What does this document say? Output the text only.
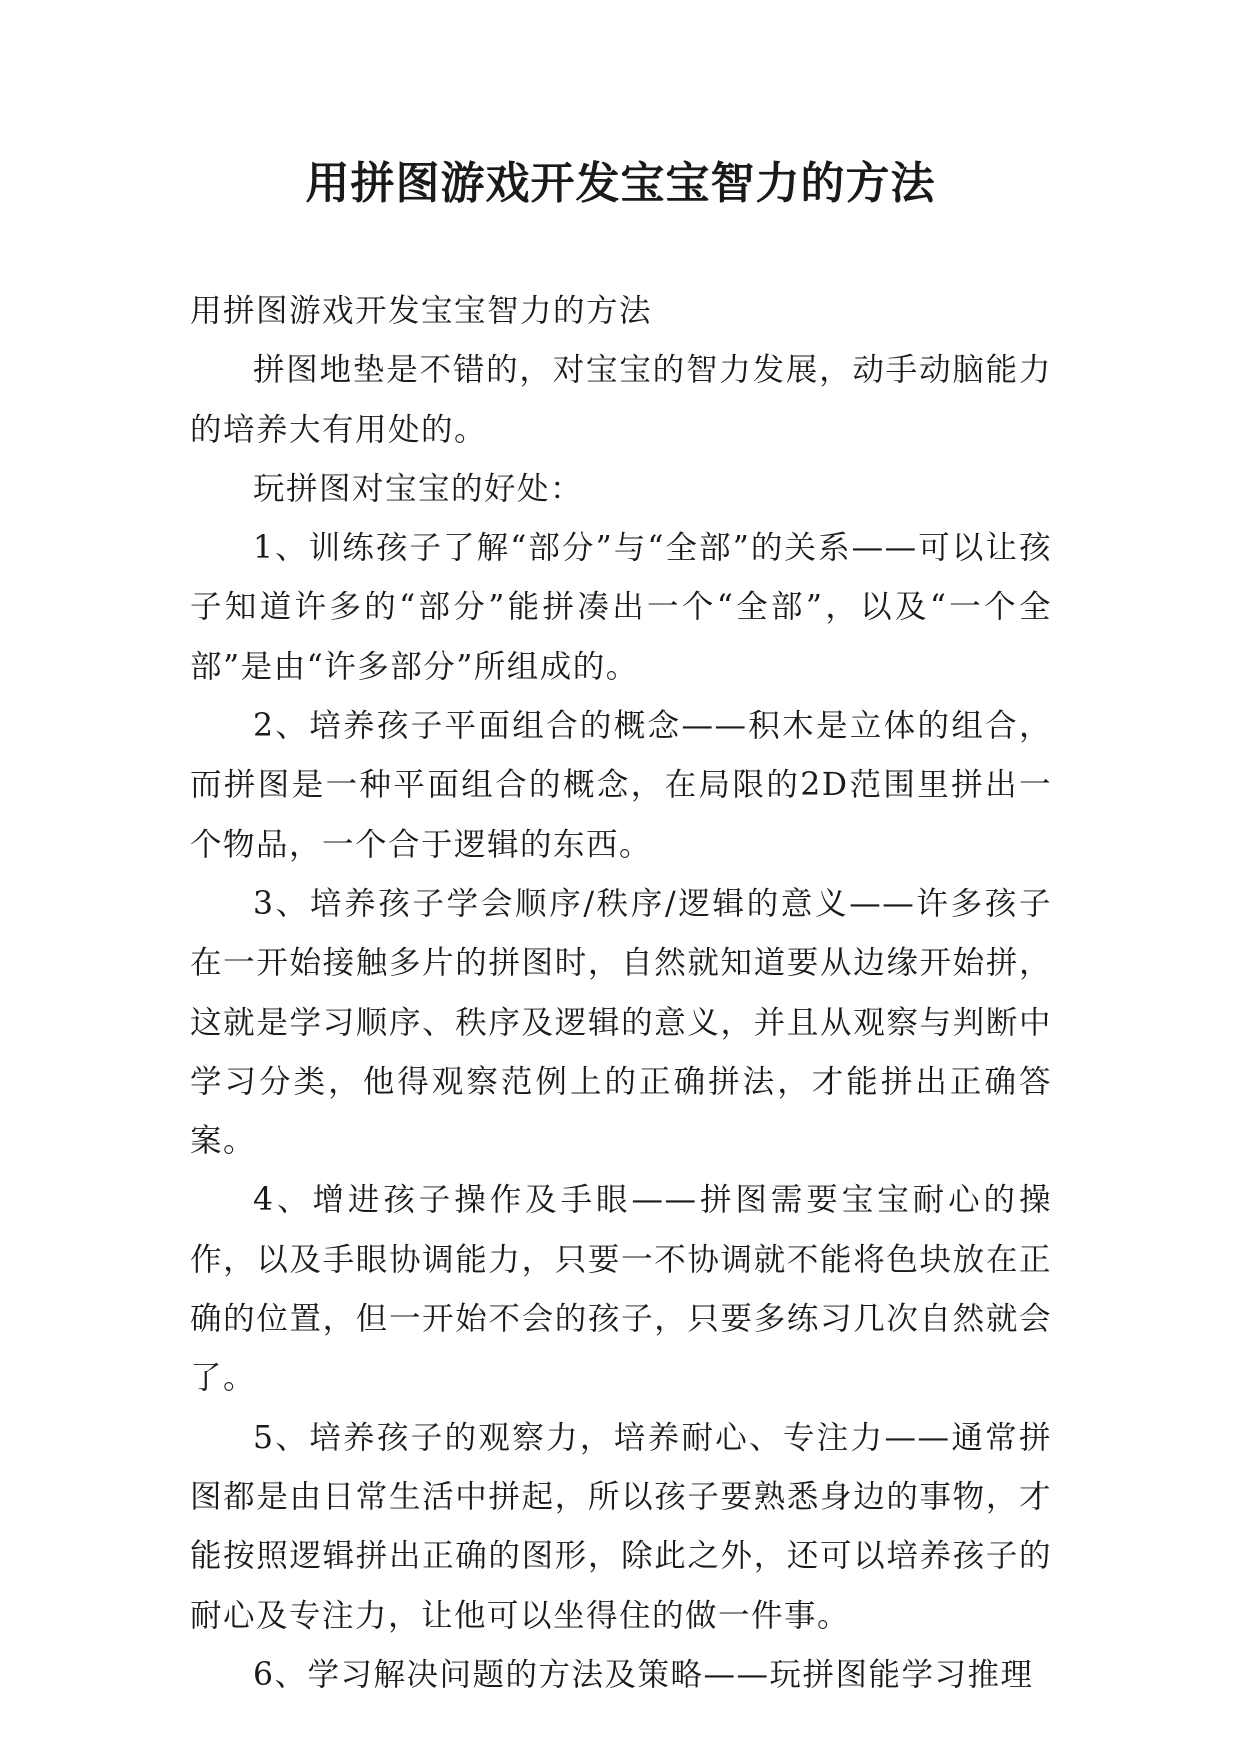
用拼图游戏开发宝宝智力的方法

用拼图游戏开发宝宝智力的方法

拼图地垫是不错的，对宝宝的智力发展，动手动脑能力的培养大有用处的。

玩拼图对宝宝的好处：

1、训练孩子了解“部分”与“全部”的关系——可以让孩子知道许多的“部分”能拼凑出一个“全部”，以及“一个全部”是由“许多部分”所组成的。

2、培养孩子平面组合的概念——积木是立体的组合，而拼图是一种平面组合的概念，在局限的2D范围里拼出一个物品，一个合于逻辑的东西。

3、培养孩子学会顺序/秩序/逻辑的意义——许多孩子在一开始接触多片的拼图时，自然就知道要从边缘开始拼，这就是学习顺序、秩序及逻辑的意义，并且从观察与判断中学习分类，他得观察范例上的正确拼法，才能拼出正确答案。

4、增进孩子操作及手眼——拼图需要宝宝耐心的操作，以及手眼协调能力，只要一不协调就不能将色块放在正确的位置，但一开始不会的孩子，只要多练习几次自然就会了。

5、培养孩子的观察力，培养耐心、专注力——通常拼图都是由日常生活中拼起，所以孩子要熟悉身边的事物，才能按照逻辑拼出正确的图形，除此之外，还可以培养孩子的耐心及专注力，让他可以坐得住的做一件事。

6、学习解决问题的方法及策略——玩拼图能学习推理
